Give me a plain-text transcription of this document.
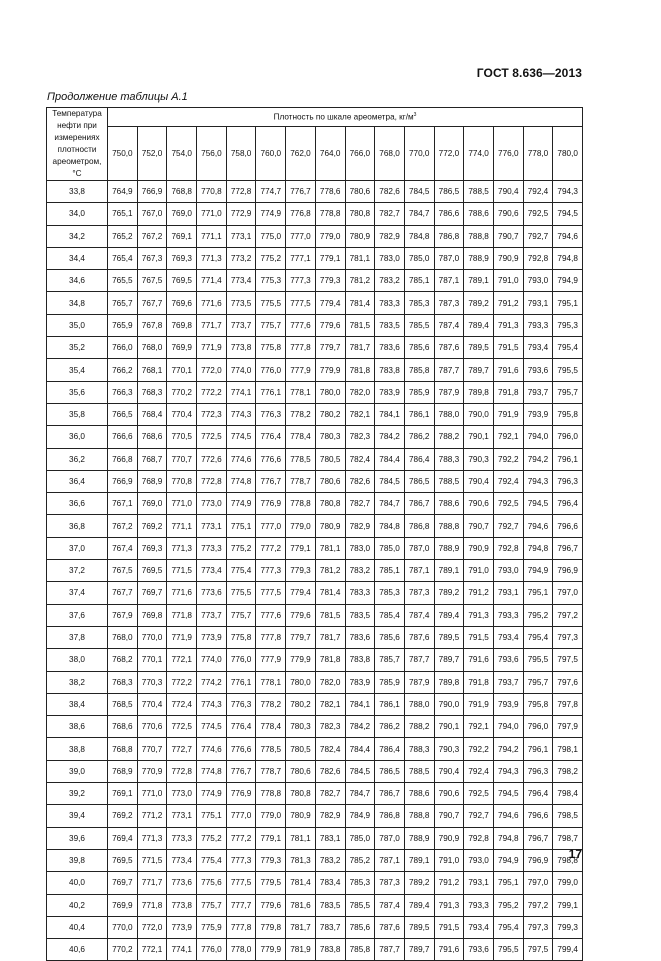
ГОСТ 8.636—2013
Продолжение таблицы А.1
Температура нефти при измерениях плотности ареометром, °С	Плотность по шкале ареометра, $кг/м^3$
	750,0	752,0	754,0	756,0	758,0	760,0	762,0	764,0	766,0	768,0	770,0	772,0	774,0	776,0	778,0	780,0
33,8	764,9	766,9	768,8	770,8	772,8	774,7	776,7	778,6	780,6	782,6	784,5	786,5	788,5	790,4	792,4	794,3
34,0	765,1	767,0	769,0	771,0	772,9	774,9	776,8	778,8	780,8	782,7	784,7	786,6	788,6	790,6	792,5	794,5
34,2	765,2	767,2	769,1	771,1	773,1	775,0	777,0	779,0	780,9	782,9	784,8	786,8	788,8	790,7	792,7	794,6
34,4	765,4	767,3	769,3	771,3	773,2	775,2	777,1	779,1	781,1	783,0	785,0	787,0	788,9	790,9	792,8	794,8
34,6	765,5	767,5	769,5	771,4	773,4	775,3	777,3	779,3	781,2	783,2	785,1	787,1	789,1	791,0	793,0	794,9
34,8	765,7	767,7	769,6	771,6	773,5	775,5	777,5	779,4	781,4	783,3	785,3	787,3	789,2	791,2	793,1	795,1
35,0	765,9	767,8	769,8	771,7	773,7	775,7	777,6	779,6	781,5	783,5	785,5	787,4	789,4	791,3	793,3	795,3
35,2	766,0	768,0	769,9	771,9	773,8	775,8	777,8	779,7	781,7	783,6	785,6	787,6	789,5	791,5	793,4	795,4
35,4	766,2	768,1	770,1	772,0	774,0	776,0	777,9	779,9	781,8	783,8	785,8	787,7	789,7	791,6	793,6	795,5
35,6	766,3	768,3	770,2	772,2	774,1	776,1	778,1	780,0	782,0	783,9	785,9	787,9	789,8	791,8	793,7	795,7
35,8	766,5	768,4	770,4	772,3	774,3	776,3	778,2	780,2	782,1	784,1	786,1	788,0	790,0	791,9	793,9	795,8
36,0	766,6	768,6	770,5	772,5	774,5	776,4	778,4	780,3	782,3	784,2	786,2	788,2	790,1	792,1	794,0	796,0
36,2	766,8	768,7	770,7	772,6	774,6	776,6	778,5	780,5	782,4	784,4	786,4	788,3	790,3	792,2	794,2	796,1
36,4	766,9	768,9	770,8	772,8	774,8	776,7	778,7	780,6	782,6	784,5	786,5	788,5	790,4	792,4	794,3	796,3
36,6	767,1	769,0	771,0	773,0	774,9	776,9	778,8	780,8	782,7	784,7	786,7	788,6	790,6	792,5	794,5	796,4
36,8	767,2	769,2	771,1	773,1	775,1	777,0	779,0	780,9	782,9	784,8	786,8	788,8	790,7	792,7	794,6	796,6
37,0	767,4	769,3	771,3	773,3	775,2	777,2	779,1	781,1	783,0	785,0	787,0	788,9	790,9	792,8	794,8	796,7
37,2	767,5	769,5	771,5	773,4	775,4	777,3	779,3	781,2	783,2	785,1	787,1	789,1	791,0	793,0	794,9	796,9
37,4	767,7	769,7	771,6	773,6	775,5	777,5	779,4	781,4	783,3	785,3	787,3	789,2	791,2	793,1	795,1	797,0
37,6	767,9	769,8	771,8	773,7	775,7	777,6	779,6	781,5	783,5	785,4	787,4	789,4	791,3	793,3	795,2	797,2
37,8	768,0	770,0	771,9	773,9	775,8	777,8	779,7	781,7	783,6	785,6	787,6	789,5	791,5	793,4	795,4	797,3
38,0	768,2	770,1	772,1	774,0	776,0	777,9	779,9	781,8	783,8	785,7	787,7	789,7	791,6	793,6	795,5	797,5
38,2	768,3	770,3	772,2	774,2	776,1	778,1	780,0	782,0	783,9	785,9	787,9	789,8	791,8	793,7	795,7	797,6
38,4	768,5	770,4	772,4	774,3	776,3	778,2	780,2	782,1	784,1	786,1	788,0	790,0	791,9	793,9	795,8	797,8
38,6	768,6	770,6	772,5	774,5	776,4	778,4	780,3	782,3	784,2	786,2	788,2	790,1	792,1	794,0	796,0	797,9
38,8	768,8	770,7	772,7	774,6	776,6	778,5	780,5	782,4	784,4	786,4	788,3	790,3	792,2	794,2	796,1	798,1
39,0	768,9	770,9	772,8	774,8	776,7	778,7	780,6	782,6	784,5	786,5	788,5	790,4	792,4	794,3	796,3	798,2
39,2	769,1	771,0	773,0	774,9	776,9	778,8	780,8	782,7	784,7	786,7	788,6	790,6	792,5	794,5	796,4	798,4
39,4	769,2	771,2	773,1	775,1	777,0	779,0	780,9	782,9	784,9	786,8	788,8	790,7	792,7	794,6	796,6	798,5
39,6	769,4	771,3	773,3	775,2	777,2	779,1	781,1	783,1	785,0	787,0	788,9	790,9	792,8	794,8	796,7	798,7
39,8	769,5	771,5	773,4	775,4	777,3	779,3	781,3	783,2	785,2	787,1	789,1	791,0	793,0	794,9	796,9	798,8
40,0	769,7	771,7	773,6	775,6	777,5	779,5	781,4	783,4	785,3	787,3	789,2	791,2	793,1	795,1	797,0	799,0
40,2	769,9	771,8	773,8	775,7	777,7	779,6	781,6	783,5	785,5	787,4	789,4	791,3	793,3	795,2	797,2	799,1
40,4	770,0	772,0	773,9	775,9	777,8	779,8	781,7	783,7	785,6	787,6	789,5	791,5	793,4	795,4	797,3	799,3
40,6	770,2	772,1	774,1	776,0	778,0	779,9	781,9	783,8	785,8	787,7	789,7	791,6	793,6	795,5	797,5	799,4
17
